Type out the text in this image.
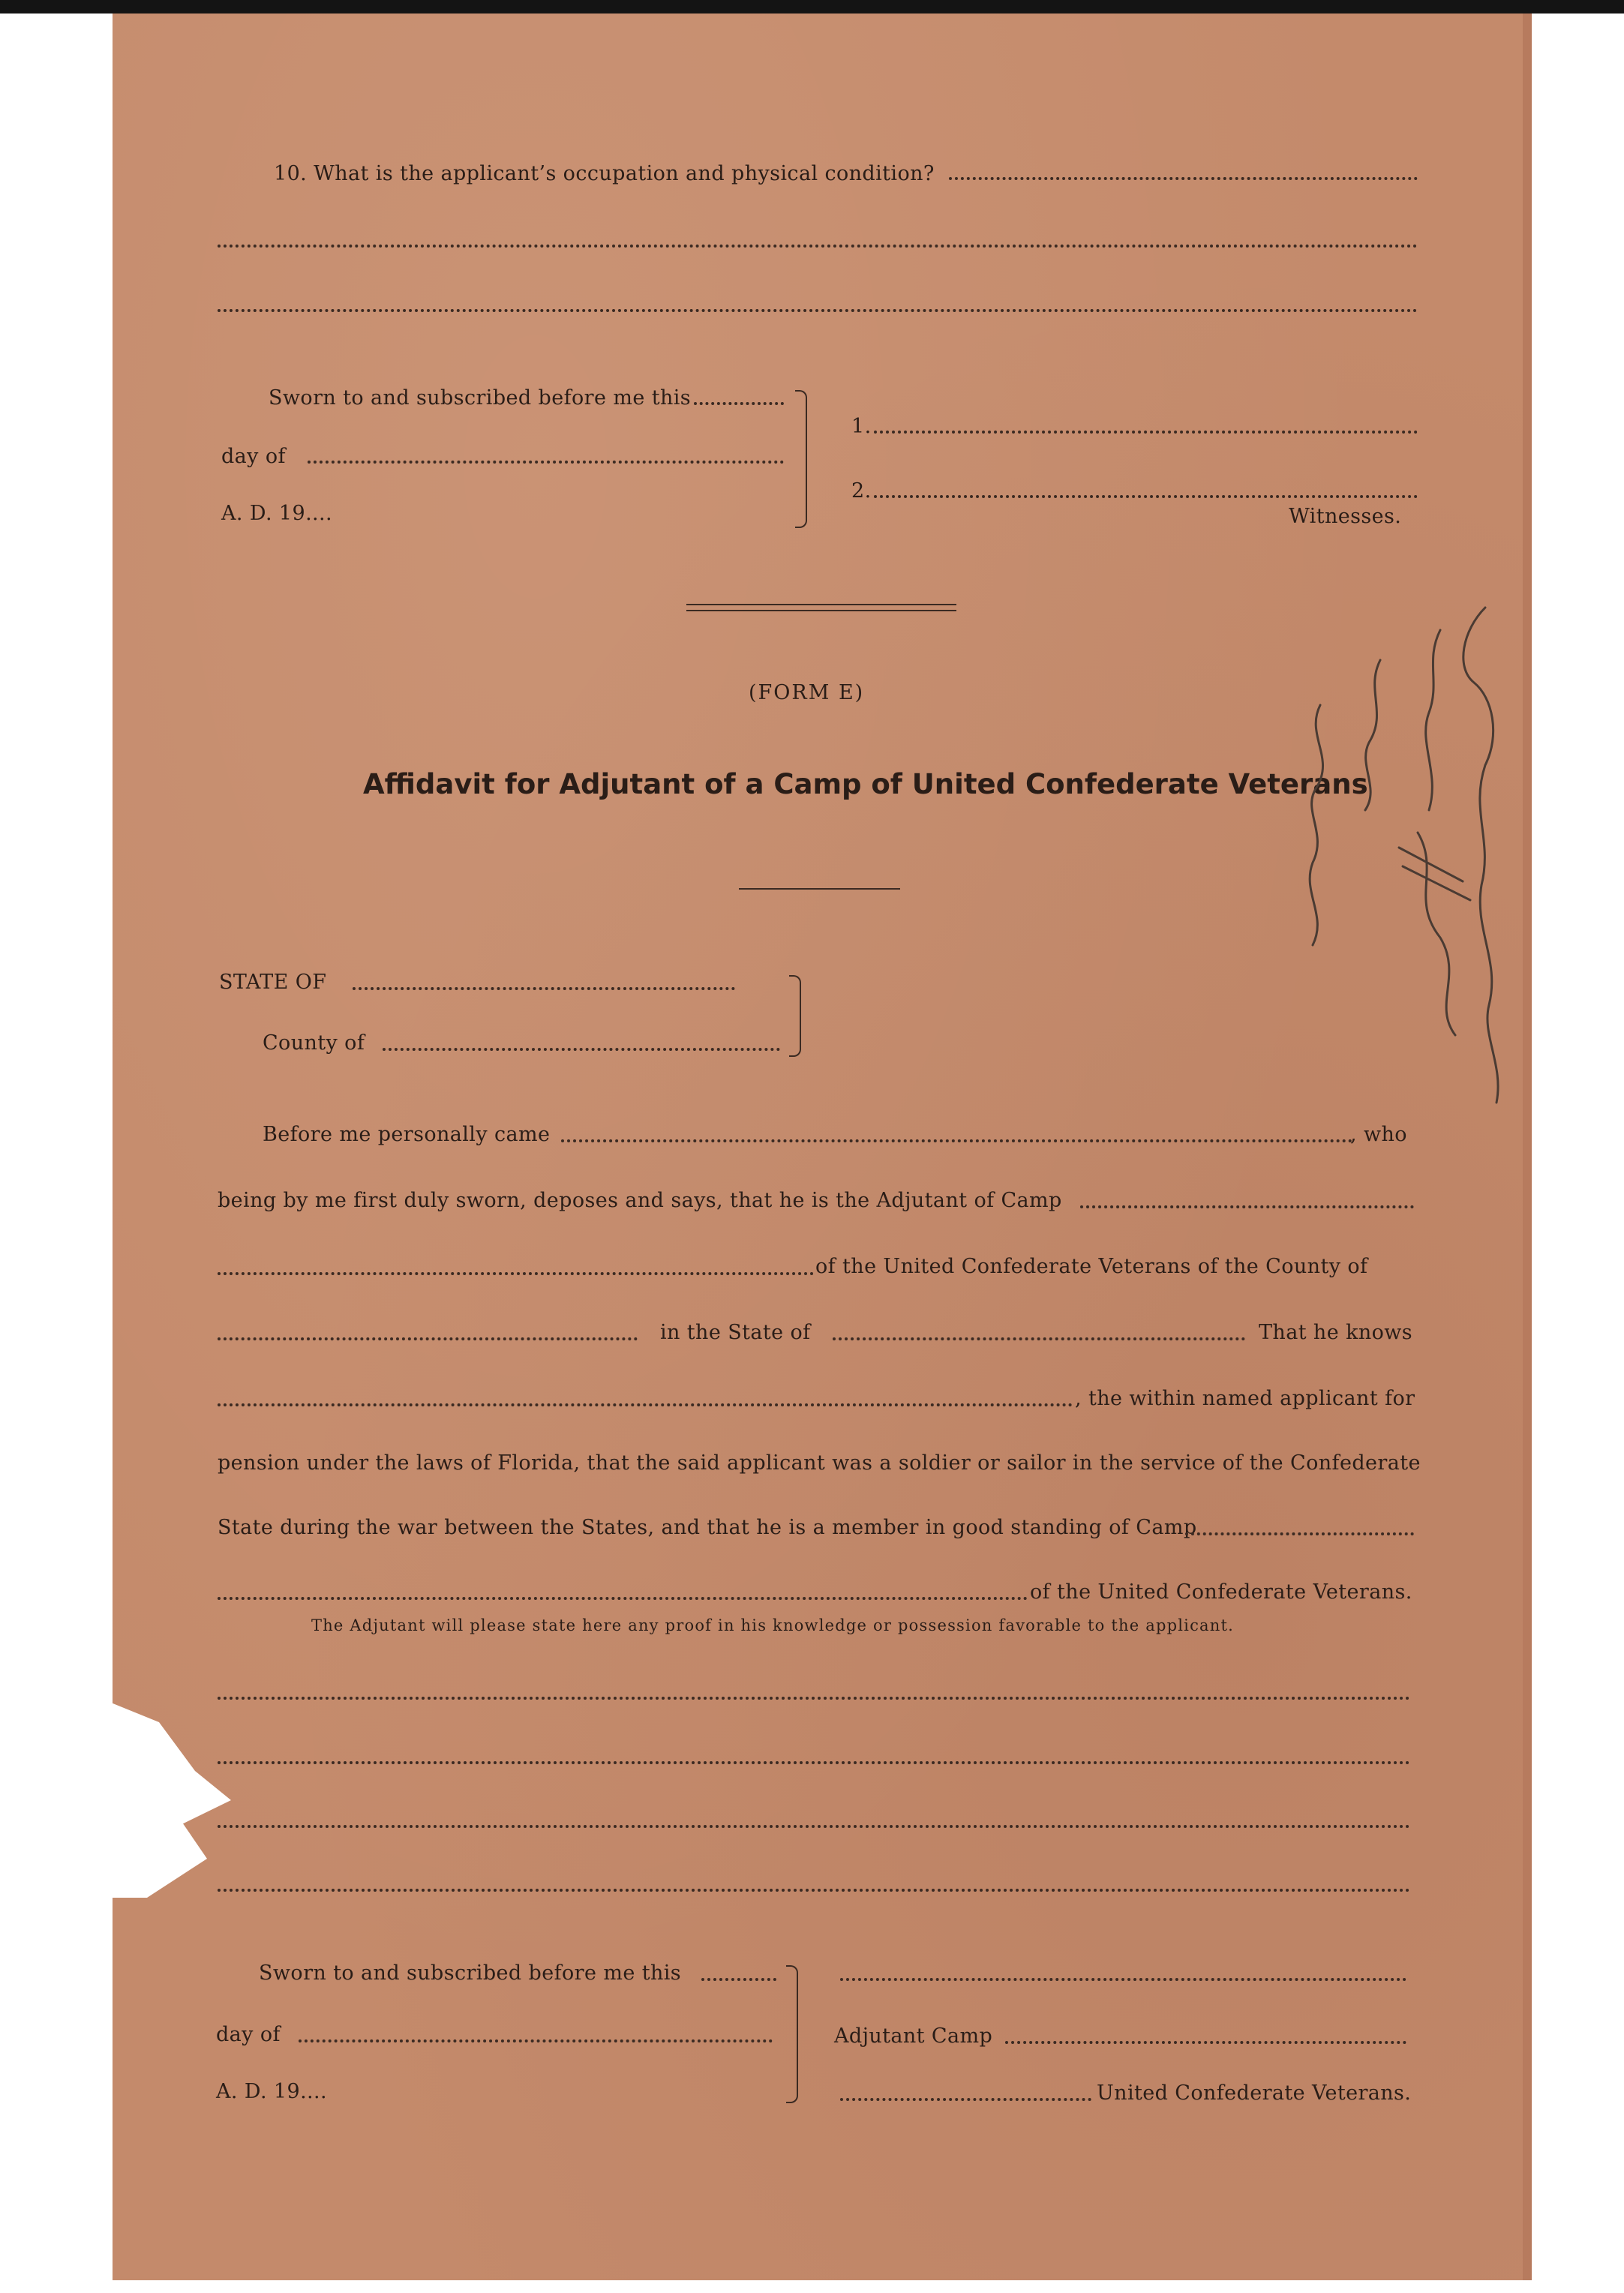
10. What is the applicant’s occupation and physical condition?
Sworn to and subscribed before me this
day of
A. D. 19....
1.
2.
Witnesses.
(FORM E)
Affidavit for Adjutant of a Camp of United Confederate Veterans
STATE OF
County of
Before me personally came	, who
being by me first duly sworn, deposes and says, that he is the Adjutant of Camp
of the United Confederate Veterans of the County of
in the State of	That he knows
, the within named applicant for
pension under the laws of Florida, that the said applicant was a soldier or sailor in the service of the Confederate
State during the war between the States, and that he is a member in good standing of Camp
of the United Confederate Veterans.
The Adjutant will please state here any proof in his knowledge or possession favorable to the applicant.
Sworn to and subscribed before me this
day of
A. D. 19....
Adjutant Camp
United Confederate Veterans.
